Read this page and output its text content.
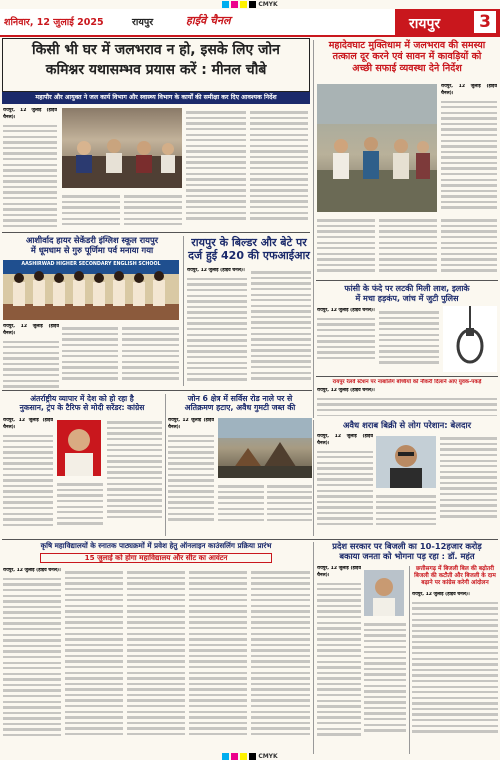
CMYK
शनिवार, 12 जुलाई 2025	रायपुर	हाईवे चैनल	रायपुर 3
किसी भी घर में जलभराव न हो, इसके लिए जोन
कमिश्नर यथासम्भव प्रयास करें : मीनल चौबे
महापौर और आयुक्त ने जल कार्य विभाग और स्वास्थ्य विभाग के कार्यों की समीक्षा कर दिए आवश्यक निर्देश
रायपुर, 12 जुलाई (हाईवे चैनल)।
महादेवघाट मुक्तिधाम में जलभराव की समस्या
तत्काल दूर करने एवं सावन में कावड़ियों को
अच्छी सफाई व्यवस्था देने निर्देश
रायपुर, 12 जुलाई (हाईवे चैनल)।
आशीर्वाद हायर सेकेंडरी इंग्लिश स्कूल रायपुर
में धूमधाम से गुरु पूर्णिमा पर्व मनाया गया
AASHIRWAD HIGHER SECONDARY ENGLISH SCHOOL
रायपुर, 12 जुलाई (हाईवे चैनल)।
रायपुर के बिल्डर और बेटे पर
दर्ज हुई 420 की एफआईआर
रायपुर, 12 जुलाई (हाईवे चैनल)।
फांसी के फंदे पर लटकी मिली लाश, इलाके
में मचा हड़कंप, जांच में जुटी पुलिस
रायपुर, 12 जुलाई (हाईवे चैनल)।
रायपुर रेलवे स्टेशन पर नाबालिग बच्चियों को नौकरी दिलाने आए युवक-पकड़े
रायपुर, 12 जुलाई (हाईवे चैनल)।
अंतर्राष्ट्रीय व्यापार में देश को हो रहा है
नुकसान, ट्रंप के टैरिफ से मोदी सरेंडर: कांग्रेस
रायपुर, 12 जुलाई (हाईवे चैनल)।
जोन 6 क्षेत्र में सर्विस रोड नाले पर से
अतिक्रमण हटाए, अवैध गुमटी जब्त की
रायपुर, 12 जुलाई (हाईवे चैनल)।	अवैध शराब बिक्री से लोग परेशान: बेलदार
रायपुर, 12 जुलाई (हाईवे चैनल)।
कृषि महाविद्यालयों के स्नातक पाठ्यक्रमों में प्रवेश हेतु ऑनलाइन काउंसलिंग प्रक्रिया प्रारंभ
15 जुलाई को होगा महाविद्यालय और सीट का आवंटन
रायपुर, 12 जुलाई (हाईवे चैनल)।
प्रदेश सरकार पर बिजली का 10-12हजार करोड़
बकाया जनता को भोगना पड़ रहा : डॉ. महंत
रायपुर, 12 जुलाई (हाईवे चैनल)।
छत्तीसगढ़ में बिजली बिल की बढ़ोतरी
बिजली की कटौती और बिजली के दाम
बढ़ाने पर कांग्रेस करेगी आंदोलन
रायपुर, 12 जुलाई (हाईवे चैनल)।
CMYK
